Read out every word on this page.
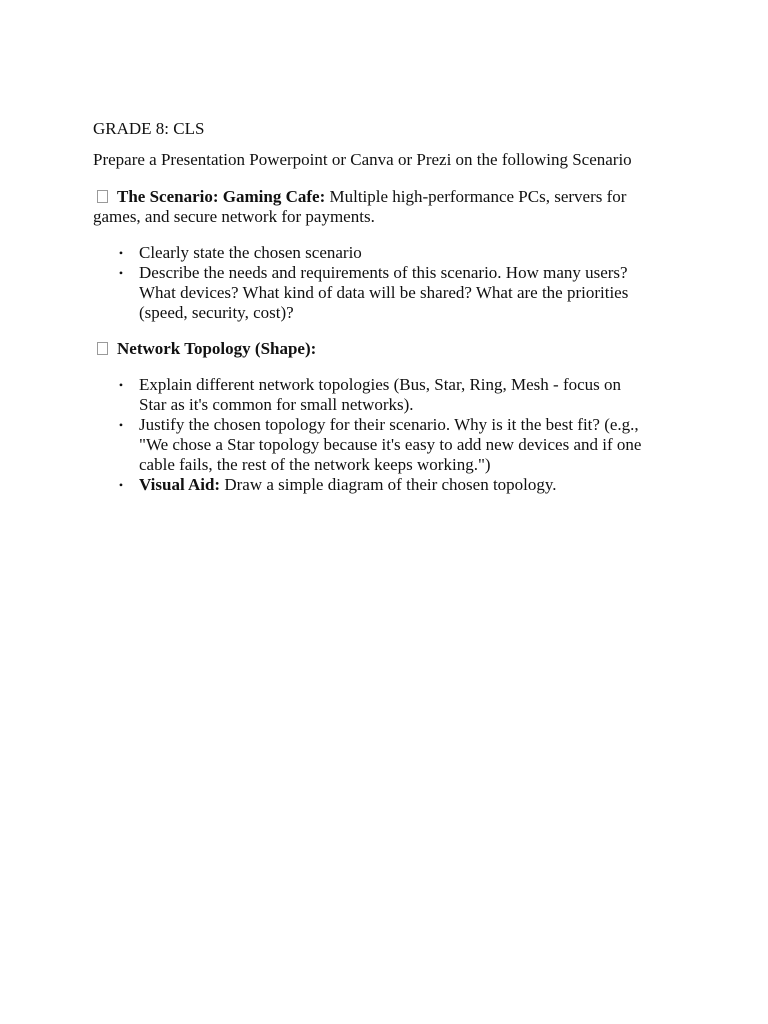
GRADE 8: CLS
Prepare a Presentation Powerpoint or Canva or Prezi on the following Scenario
The Scenario: Gaming Cafe: Multiple high-performance PCs, servers for
games, and secure network for payments.
• Clearly state the chosen scenario
• Describe the needs and requirements of this scenario. How many users?
What devices? What kind of data will be shared? What are the priorities
(speed, security, cost)?
Network Topology (Shape):
• Explain different network topologies (Bus, Star, Ring, Mesh - focus on
Star as it's common for small networks).
• Justify the chosen topology for their scenario. Why is it the best fit? (e.g.,
"We chose a Star topology because it's easy to add new devices and if one
cable fails, the rest of the network keeps working.")
• Visual Aid: Draw a simple diagram of their chosen topology.
